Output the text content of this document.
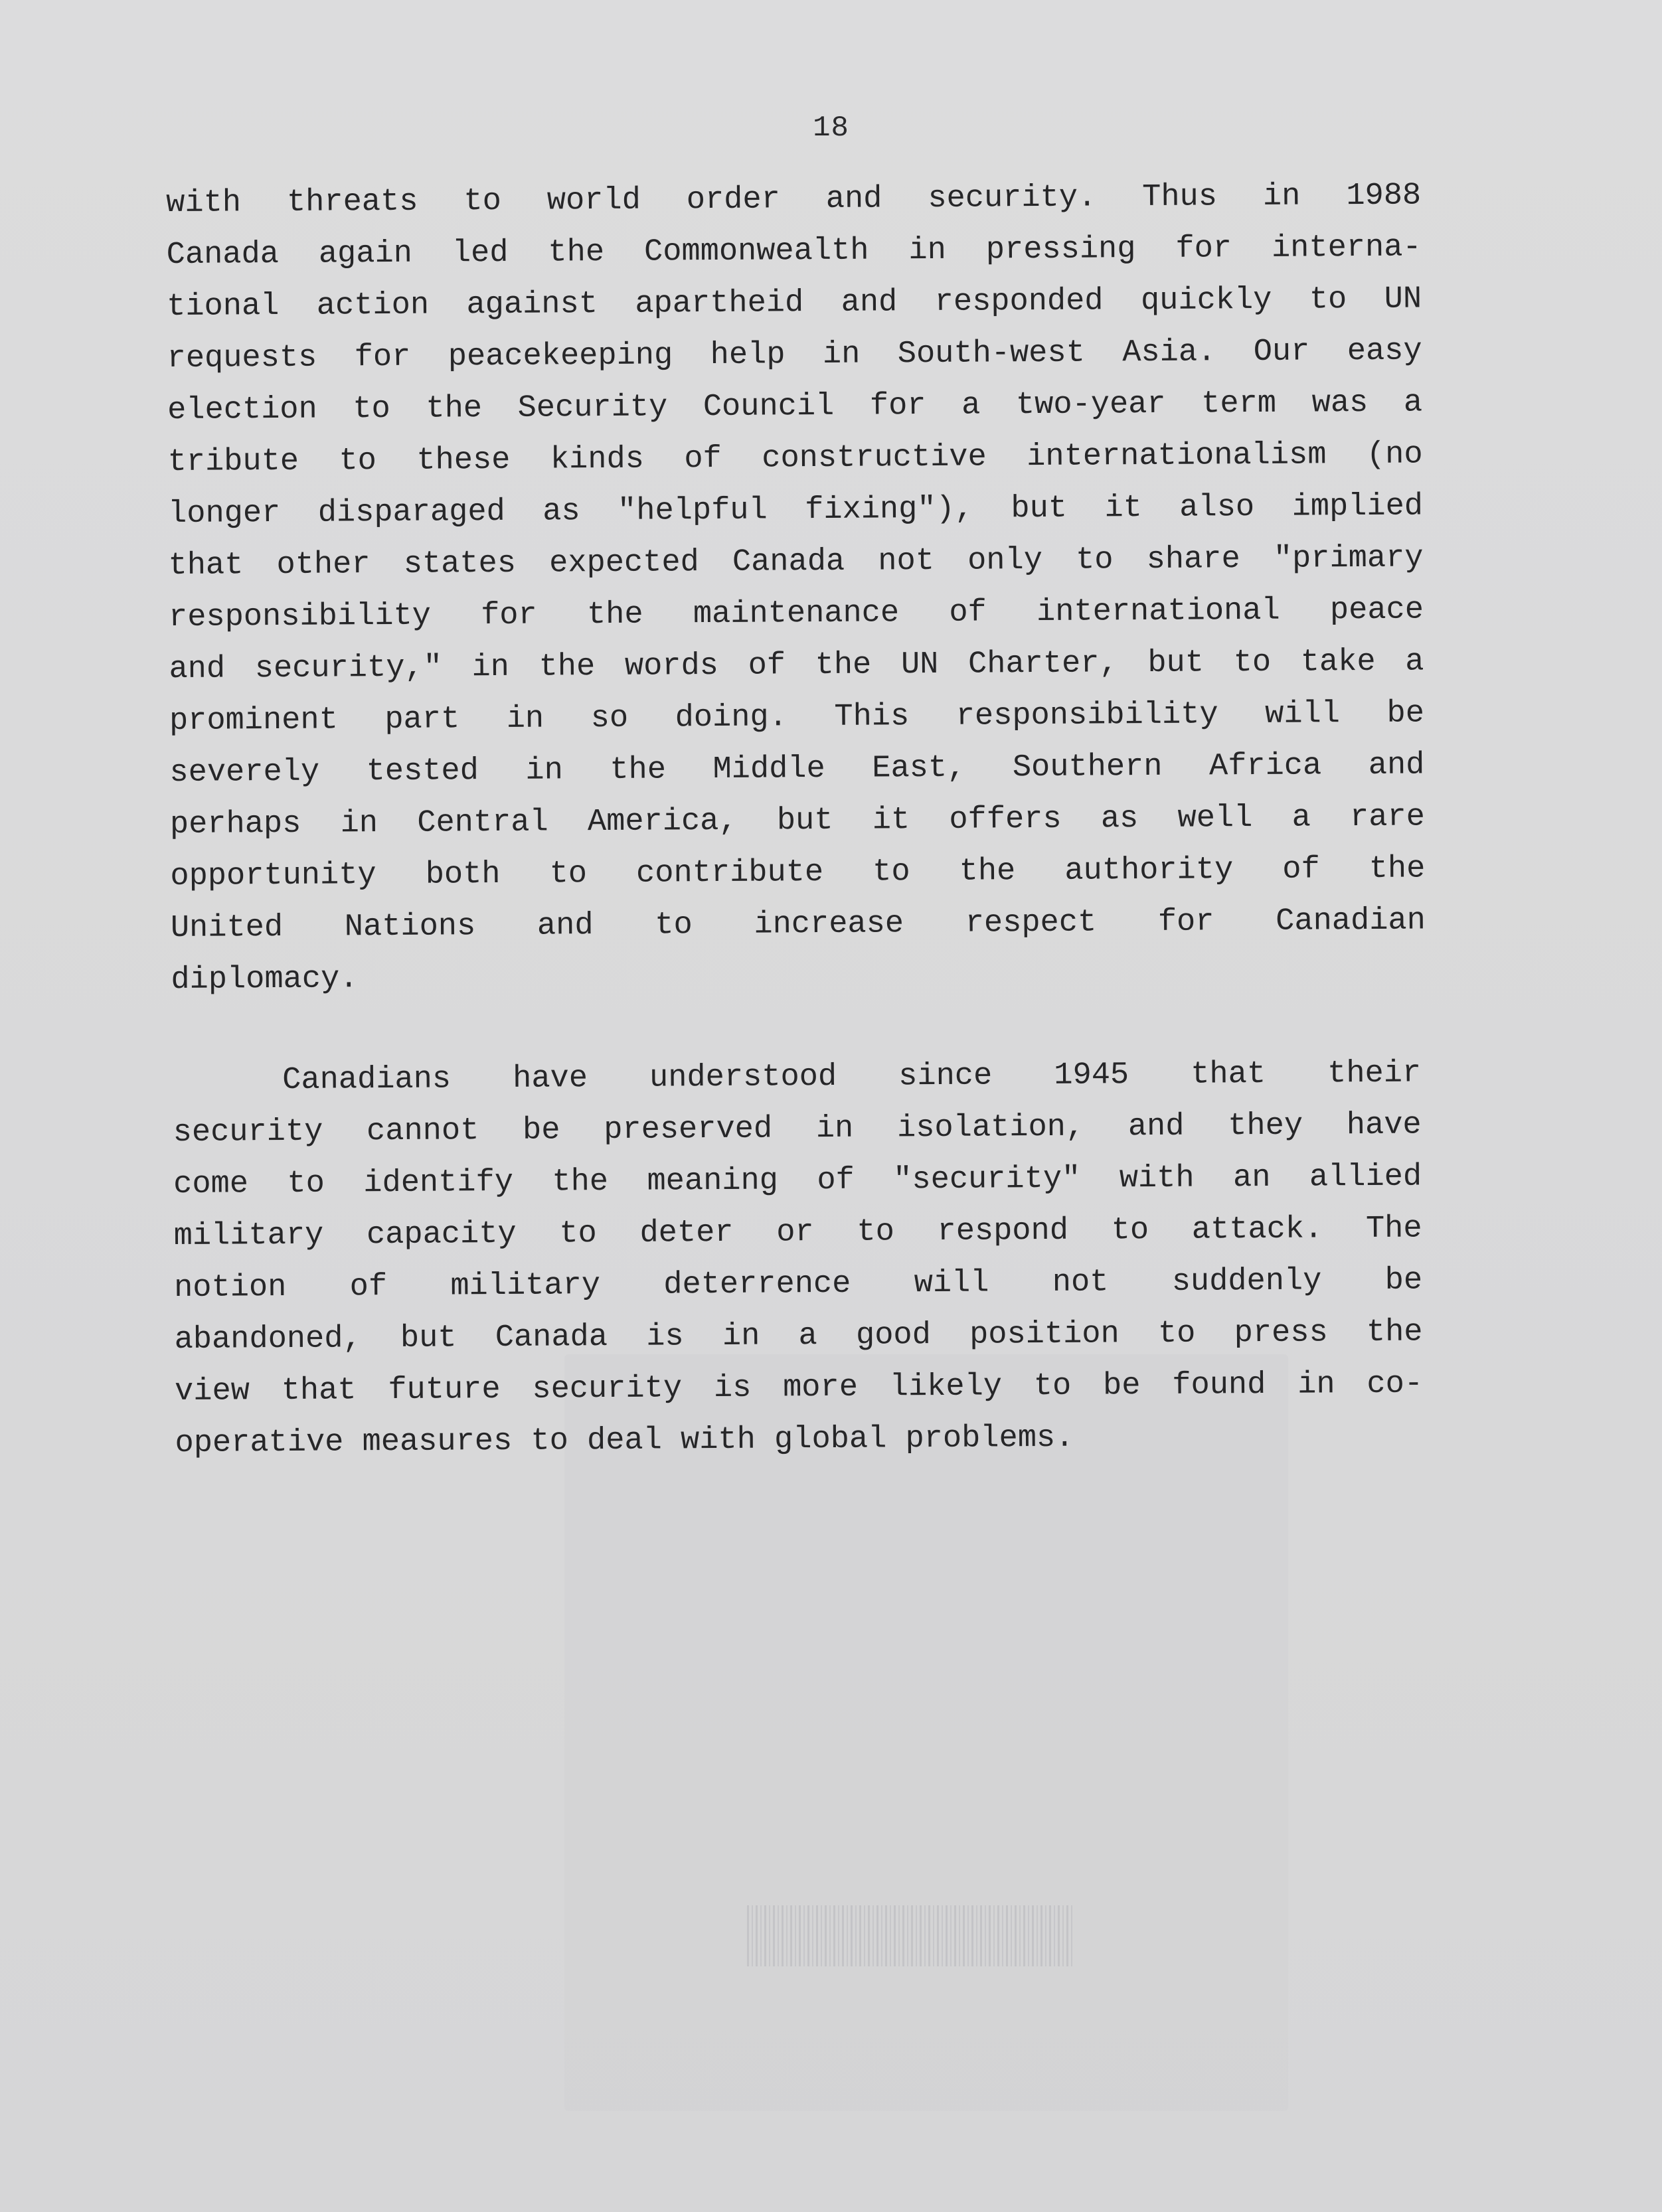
18
with threats to world order and security. Thus in 1988
Canada again led the Commonwealth in pressing for interna-
tional action against apartheid and responded quickly to UN
requests for peacekeeping help in South-west Asia. Our easy
election to the Security Council for a two-year term was a
tribute to these kinds of constructive internationalism (no
longer disparaged as "helpful fixing"), but it also implied
that other states expected Canada not only to share "primary
responsibility for the maintenance of international peace
and security," in the words of the UN Charter, but to take a
prominent part in so doing. This responsibility will be
severely tested in the Middle East, Southern Africa and
perhaps in Central America, but it offers as well a rare
opportunity both to contribute to the authority of the
United Nations and to increase respect for Canadian
diplomacy.
Canadians have understood since 1945 that their
security cannot be preserved in isolation, and they have
come to identify the meaning of "security" with an allied
military capacity to deter or to respond to attack. The
notion of military deterrence will not suddenly be
abandoned, but Canada is in a good position to press the
view that future security is more likely to be found in co-
operative measures to deal with global problems.
